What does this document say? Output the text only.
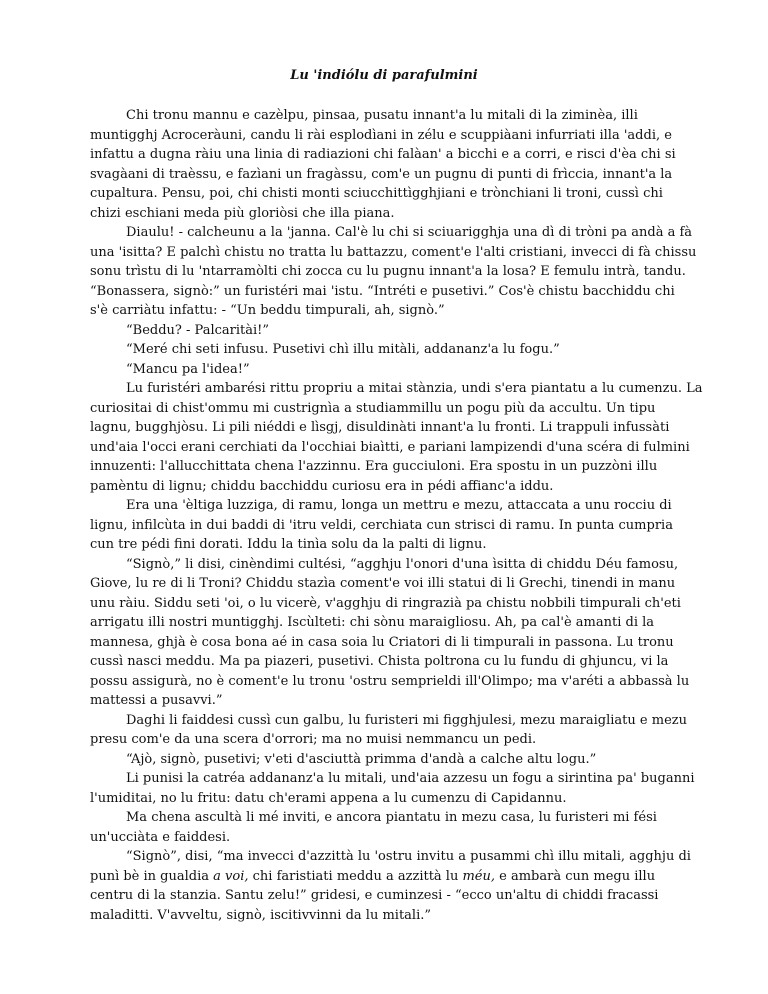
Lu 'indiólu di parafulmini
Chi tronu mannu e cazèlpu, pinsaa, pusatu innant'a lu mitali di la ziminèa, illi
muntigghj Acroceràuni, candu li rài esplodìani in zélu e scuppiàani infurriati illa 'addi, e
infattu a dugna ràiu una linia di radiazioni chi falàan' a bicchi e a corri, e risci d'èa chi si
svagàani di traèssu, e fazìani un fragàssu, com'e un pugnu di punti di frìccia, innant'a la
cupaltura. Pensu, poi, chi chisti monti sciucchittìgghjiani e trònchiani li troni, cussì chi
chizi eschiani meda più gloriòsi che illa piana.
Diaulu! - calcheunu a la 'janna. Cal'è lu chi si sciuarigghja una dì di tròni pa andà a fà
una 'isitta? E palchì chistu no tratta lu battazzu, coment'e l'alti cristiani, invecci di fà chissu
sonu trìstu di lu 'ntarramòlti chi zocca cu lu pugnu innant'a la losa? E femulu intrà, tandu.
“Bonassera, signò:” un furistéri mai 'istu. “Intréti e pusetivi.” Cos'è chistu bacchiddu chi
s'è carriàtu infattu: - “Un beddu timpurali, ah, signò.”
“Beddu? - Palcaritài!”
“Meré chi seti infusu. Pusetivi chì illu mitàli, addananz'a lu fogu.”
“Mancu pa l'idea!”
Lu furistéri ambarési rittu propriu a mitai stànzia, undi s'era piantatu a lu cumenzu. La
curiositai di chist'ommu mi custrignìa a studiammillu un pogu più da accultu. Un tipu
lagnu, bugghjòsu. Li pili niéddi e lìsgj, disuldinàti innant'a lu fronti. Li trappuli infussàti
und'aia l'occi erani cerchiati da l'occhiai biaìtti, e pariani lampizendi d'una scéra di fulmini
innuzenti: l'allucchittata chena l'azzinnu. Era gucciuloni. Era spostu in un puzzòni illu
pamèntu di lignu; chiddu bacchiddu curiosu era in pédi affianc'a iddu.
Era una 'èltiga luzziga, di ramu, longa un mettru e mezu, attaccata a unu rocciu di
lignu, infilcùta in dui baddi di 'itru veldi, cerchiata cun strisci di ramu. In punta cumpria
cun tre pédi fini dorati. Iddu la tinìa solu da la palti di lignu.
“Signò,” li disi, cinèndimi cultési, “agghju l'onori d'una ìsitta di chiddu Déu famosu,
Giove, lu re di li Troni? Chiddu stazìa coment'e voi illi statui di li Grechi, tinendi in manu
unu ràiu. Siddu seti 'oi, o lu vicerè, v'agghju di ringrazià pa chistu nobbili timpurali ch'eti
arrigatu illi nostri muntigghj. Iscùlteti: chi sònu maraigliosu. Ah, pa cal'è amanti di la
mannesa, ghjà è cosa bona aé in casa soia lu Criatori di li timpurali in passona. Lu tronu
cussì nasci meddu. Ma pa piazeri, pusetivi. Chista poltrona cu lu fundu di ghjuncu, vi la
possu assigurà, no è coment'e lu tronu 'ostru semprieldi ill'Olimpo; ma v'aréti a abbassà lu
mattessi a pusavvi.”
Daghi li faiddesi cussì cun galbu, lu furisteri mi figghjulesi, mezu maraigliatu e mezu
presu com'e da una scera d'orrori; ma no muisi nemmancu un pedi.
“Ajò, signò, pusetivi; v'eti d'asciuttà primma d'andà a calche altu logu.”
Li punisi la catréa addananz'a lu mitali, und'aia azzesu un fogu a sirintina pa' buganni
l'umiditai, no lu fritu: datu ch'erami appena a lu cumenzu di Capidannu.
Ma chena ascultà li mé inviti, e ancora piantatu in mezu casa, lu furisteri mi fési
un'ucciàta e faiddesi.
“Signò”, disi, “ma invecci d'azzittà lu 'ostru invitu a pusammi chì illu mitali, agghju di
punì bè in gualdia a voi, chi faristiati meddu a azzittà lu méu, e ambarà cun megu illu
centru di la stanzia. Santu zelu!” gridesi, e cuminzesi - “ecco un'altu di chiddi fracassi
maladitti. V'avveltu, signò, iscitivvinni da lu mitali.”
